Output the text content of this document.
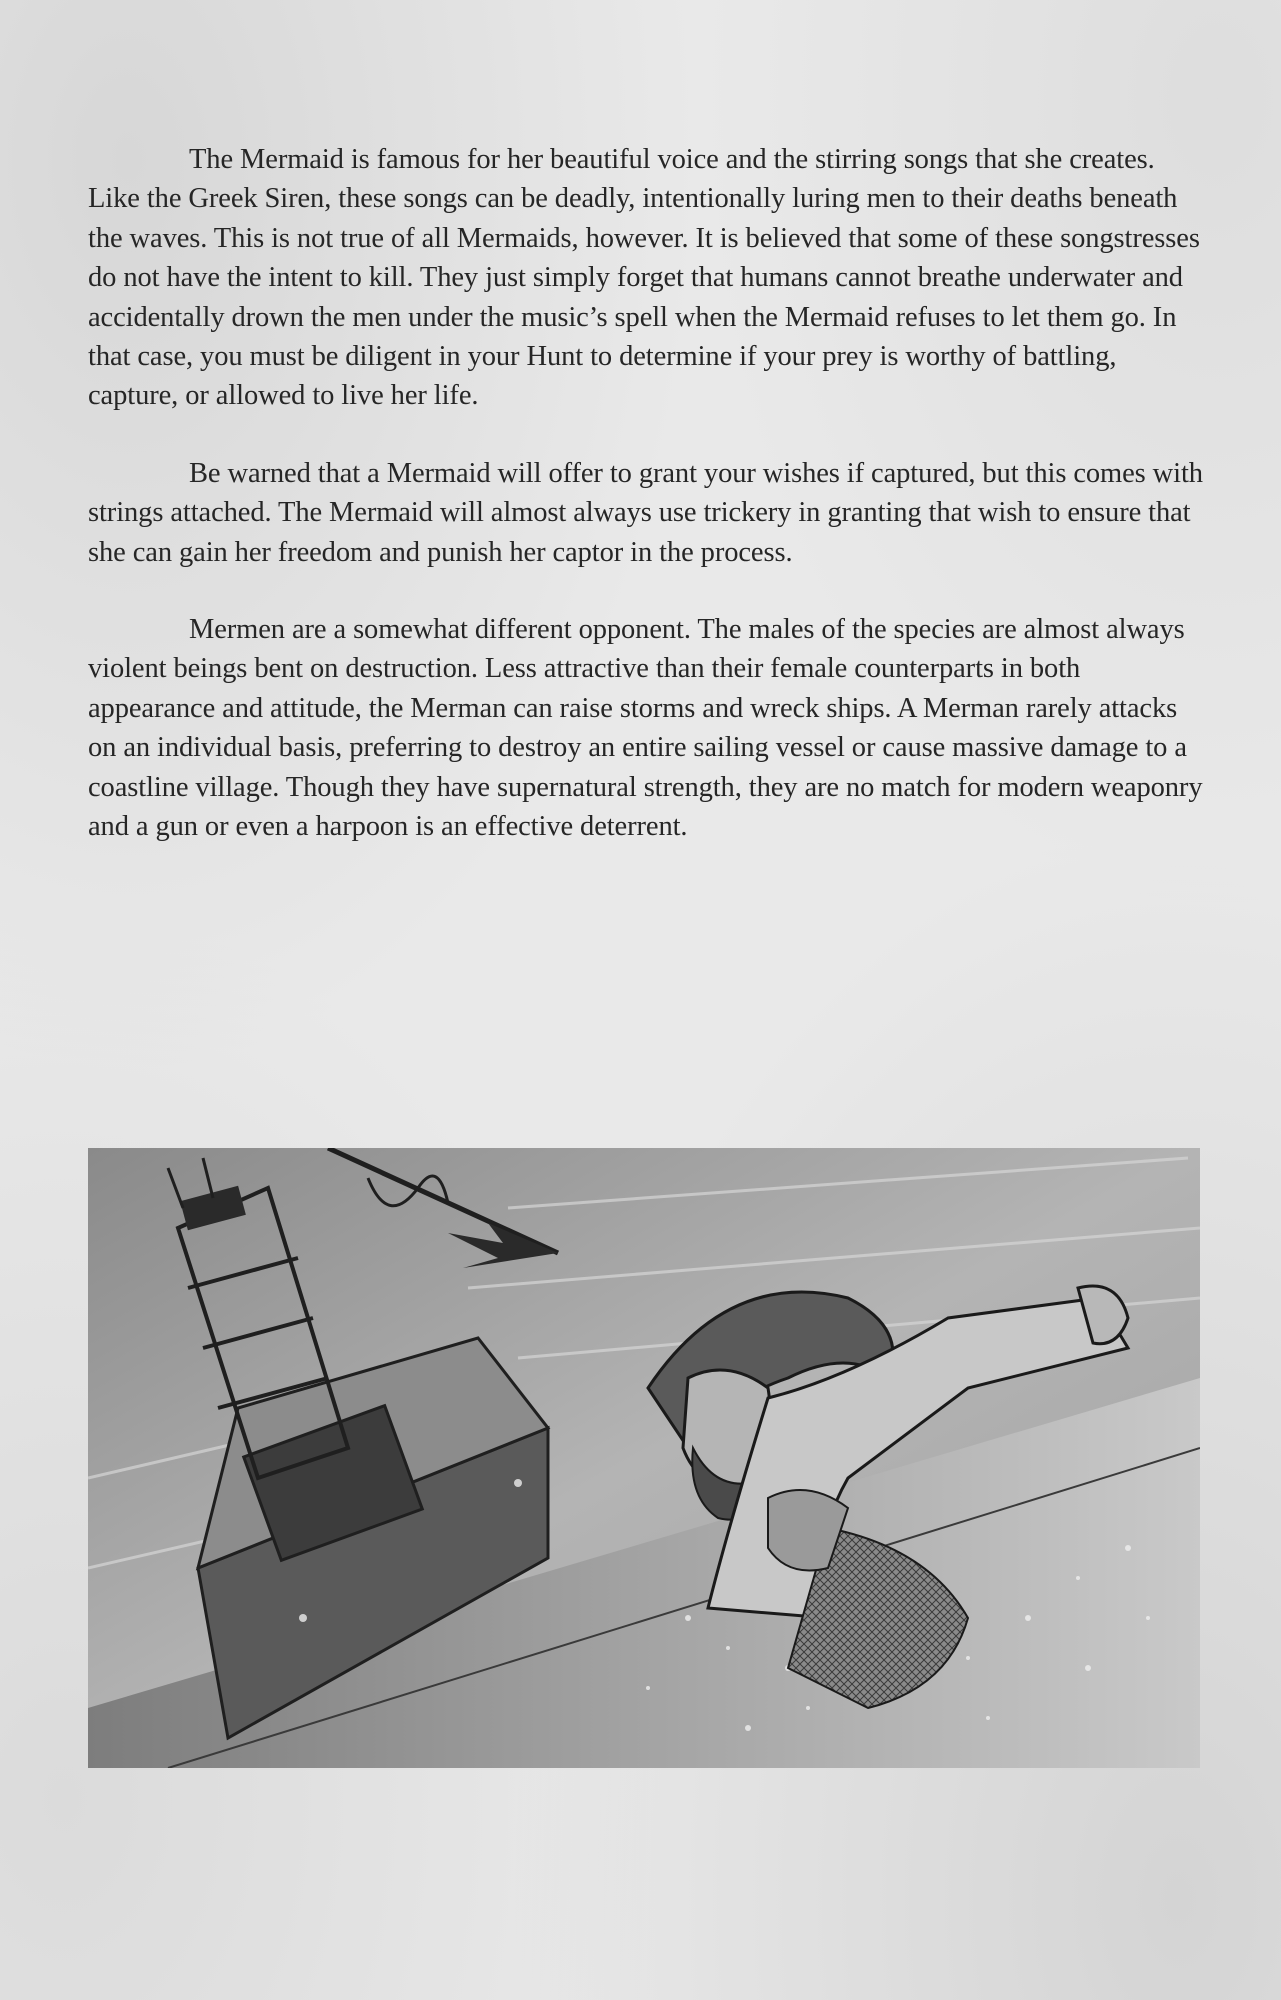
The Mermaid is famous for her beautiful voice and the stirring songs that she creates. Like the Greek Siren, these songs can be deadly, intentionally luring men to their deaths beneath the waves. This is not true of all Mermaids, however. It is believed that some of these songstresses do not have the intent to kill. They just simply forget that humans cannot breathe underwater and accidentally drown the men under the music’s spell when the Mermaid refuses to let them go. In that case, you must be diligent in your Hunt to determine if your prey is worthy of battling, capture, or allowed to live her life.

Be warned that a Mermaid will offer to grant your wishes if captured, but this comes with strings attached. The Mermaid will almost always use trickery in granting that wish to ensure that she can gain her freedom and punish her captor in the process.

Mermen are a somewhat different opponent. The males of the species are almost always violent beings bent on destruction. Less attractive than their female counterparts in both appearance and attitude, the Merman can raise storms and wreck ships. A Merman rarely attacks on an individual basis, preferring to destroy an entire sailing vessel or cause massive damage to a coastline village. Though they have supernatural strength, they are no match for modern weaponry and a gun or even a harpoon is an effective deterrent.
